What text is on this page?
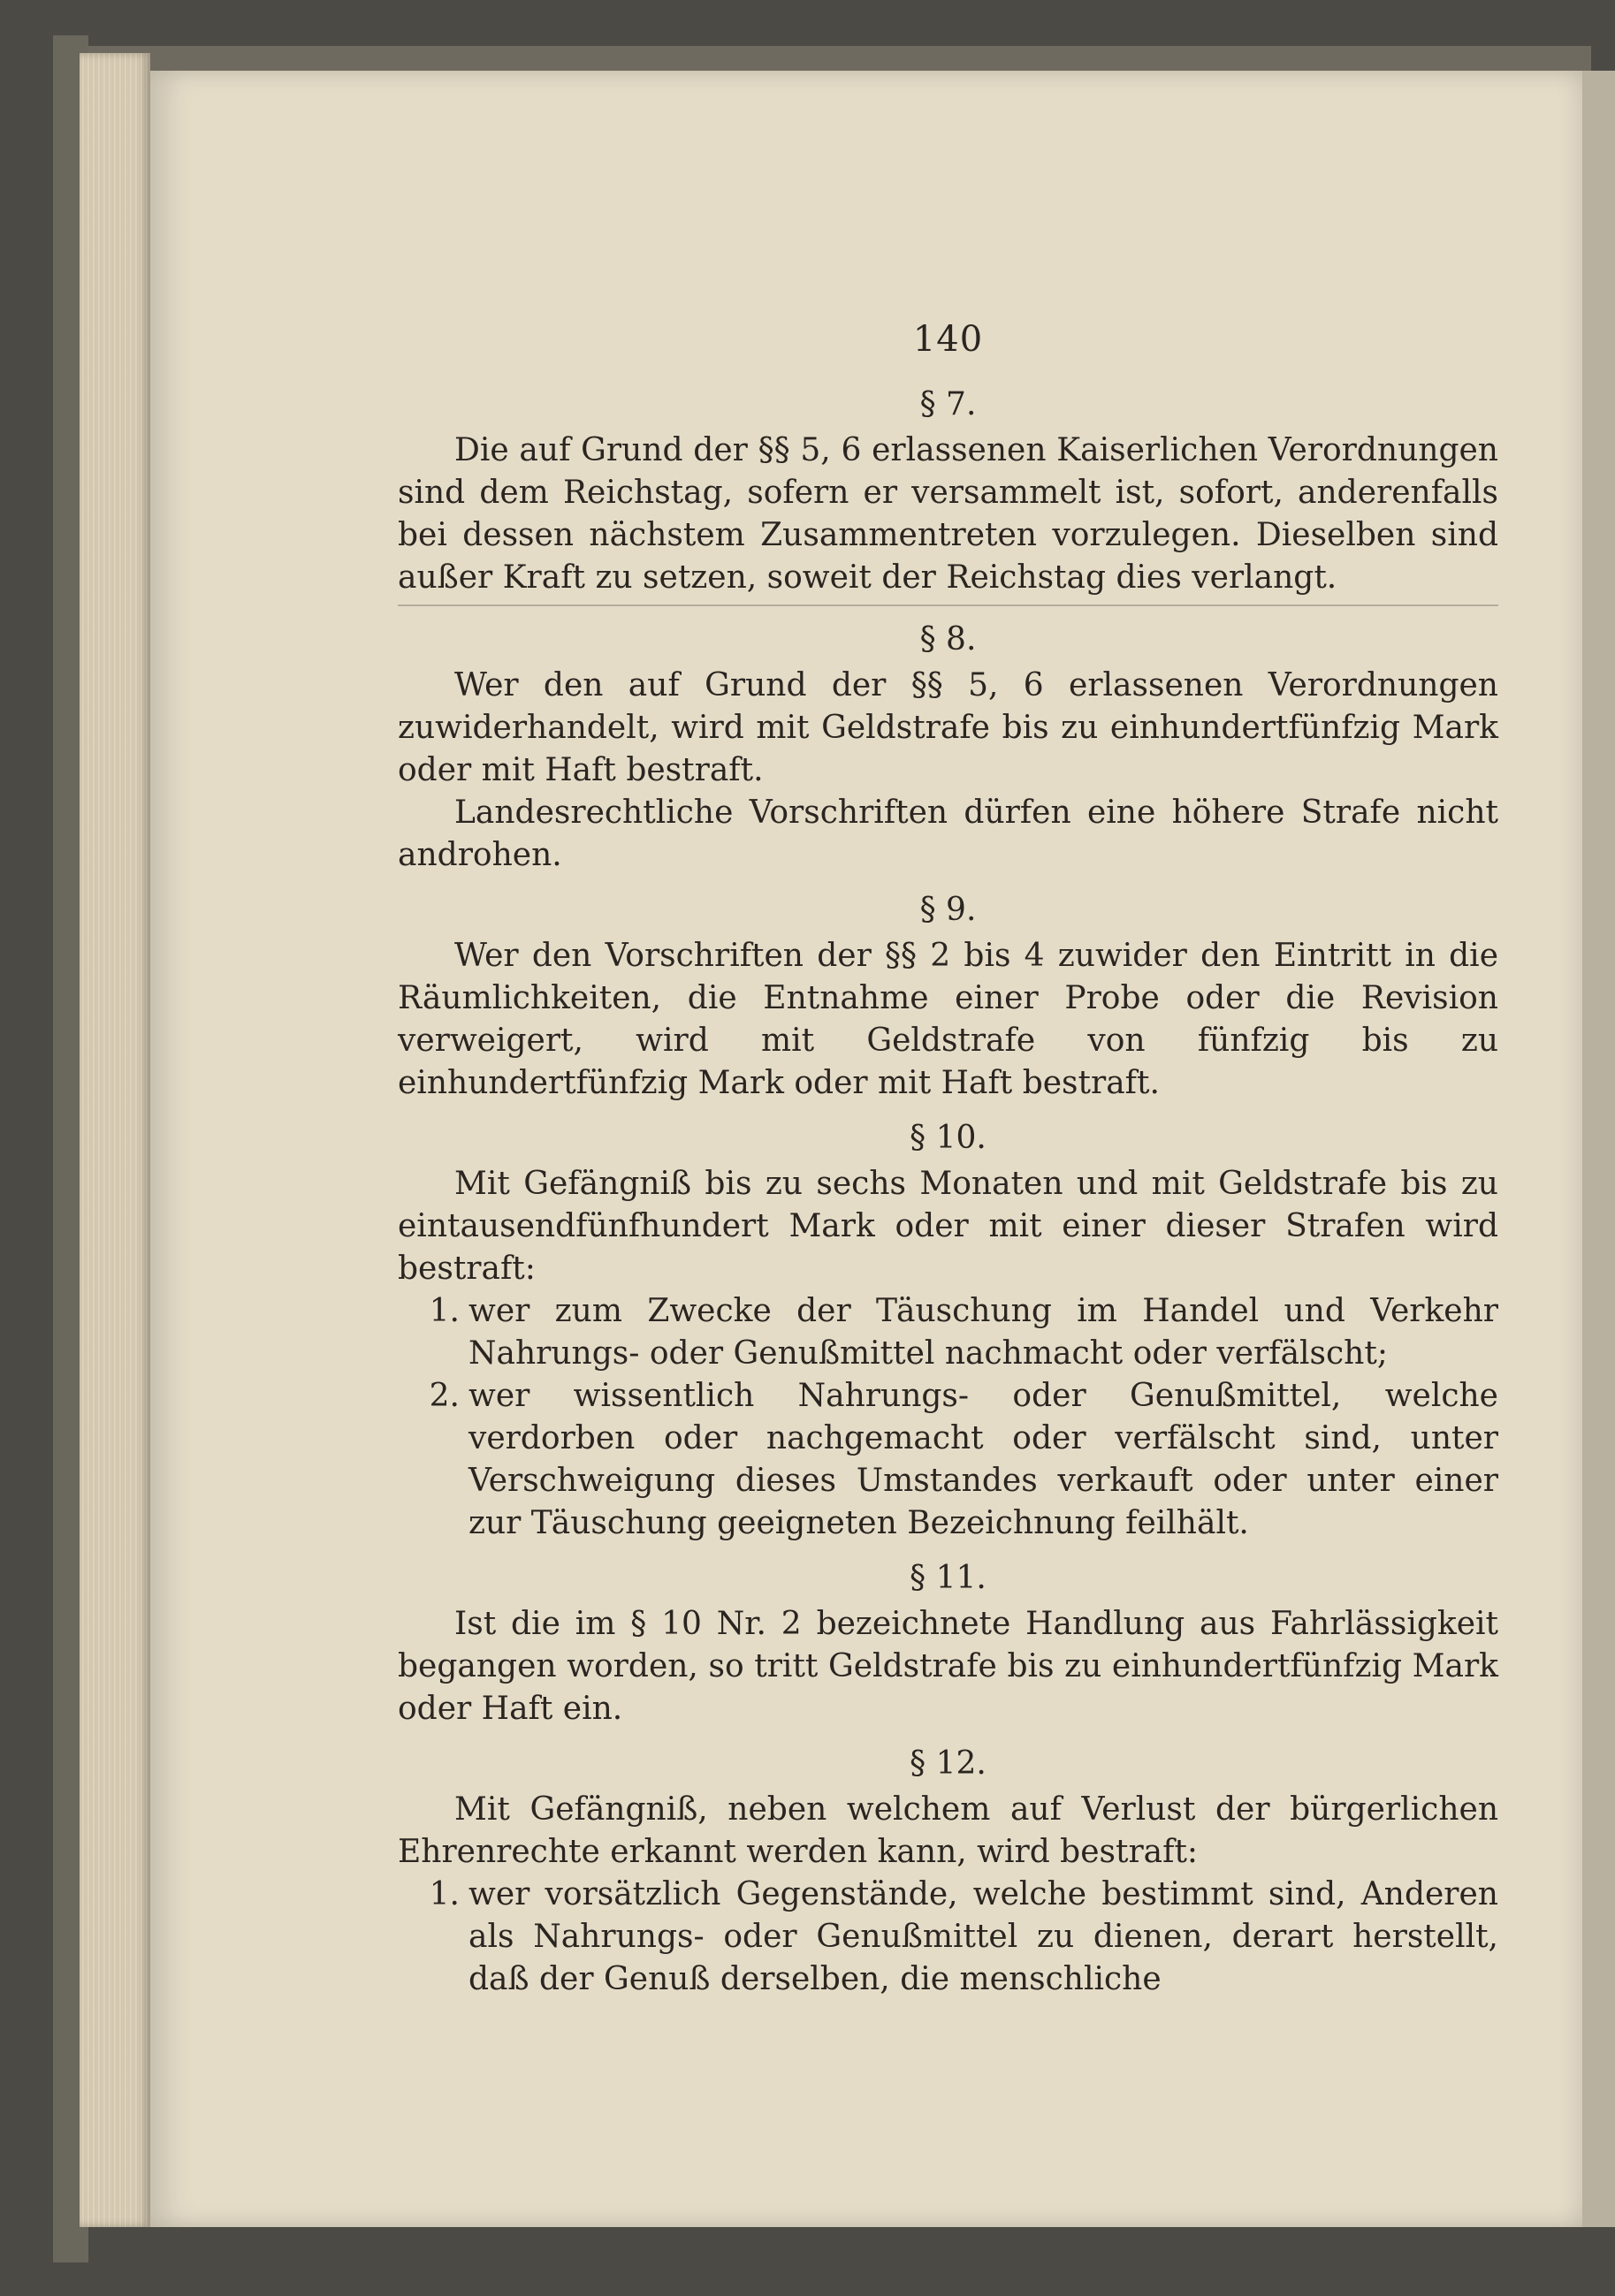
140
§ 7.

Die auf Grund der §§ 5, 6 erlassenen Kaiserlichen Verordnungen sind dem Reichstag, sofern er versammelt ist, sofort, anderenfalls bei dessen nächstem Zusammentreten vorzulegen. Dieselben sind außer Kraft zu setzen, soweit der Reichstag dies verlangt.

§ 8.

Wer den auf Grund der §§ 5, 6 erlassenen Verordnungen zuwiderhandelt, wird mit Geldstrafe bis zu einhundertfünfzig Mark oder mit Haft bestraft.

Landesrechtliche Vorschriften dürfen eine höhere Strafe nicht androhen.

§ 9.

Wer den Vorschriften der §§ 2 bis 4 zuwider den Eintritt in die Räumlichkeiten, die Entnahme einer Probe oder die Revision verweigert, wird mit Geldstrafe von fünfzig bis zu einhundertfünfzig Mark oder mit Haft bestraft.

§ 10.

Mit Gefängniß bis zu sechs Monaten und mit Geldstrafe bis zu eintausendfünfhundert Mark oder mit einer dieser Strafen wird bestraft:

1. wer zum Zwecke der Täuschung im Handel und Verkehr Nahrungs- oder Genußmittel nachmacht oder verfälscht;
2. wer wissentlich Nahrungs- oder Genußmittel, welche verdorben oder nachgemacht oder verfälscht sind, unter Verschweigung dieses Umstandes verkauft oder unter einer zur Täuschung geeigneten Bezeichnung feilhält.
§ 11.

Ist die im § 10 Nr. 2 bezeichnete Handlung aus Fahrlässigkeit begangen worden, so tritt Geldstrafe bis zu einhundertfünfzig Mark oder Haft ein.

§ 12.

Mit Gefängniß, neben welchem auf Verlust der bürgerlichen Ehrenrechte erkannt werden kann, wird bestraft:

1. wer vorsätzlich Gegenstände, welche bestimmt sind, Anderen als Nahrungs- oder Genußmittel zu dienen, derart herstellt, daß der Genuß derselben, die menschliche
